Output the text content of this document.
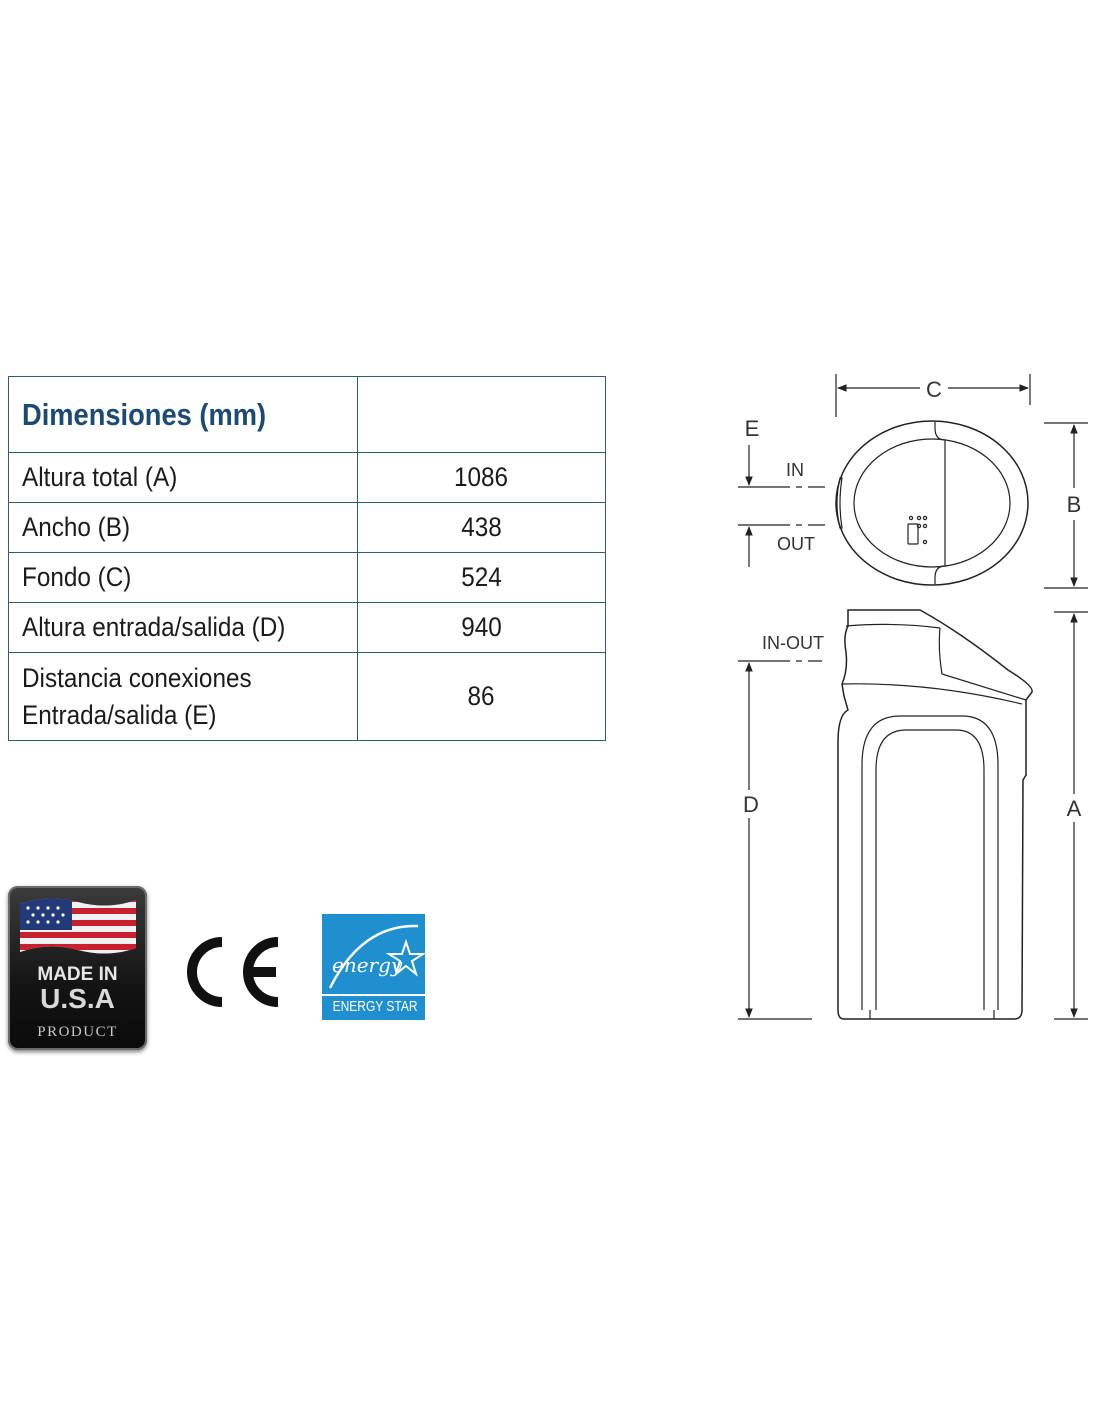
Dimensiones (mm)	
Altura total (A)	1086
Ancho (B)	438
Fondo (C)	524
Altura entrada/salida (D)	940
Distancia conexiones
Entrada/salida (E)	86
MADE IN
U.S.A
PRODUCT
energy
ENERGY STAR
C
B
E
IN
OUT
IN-OUT
D	A
